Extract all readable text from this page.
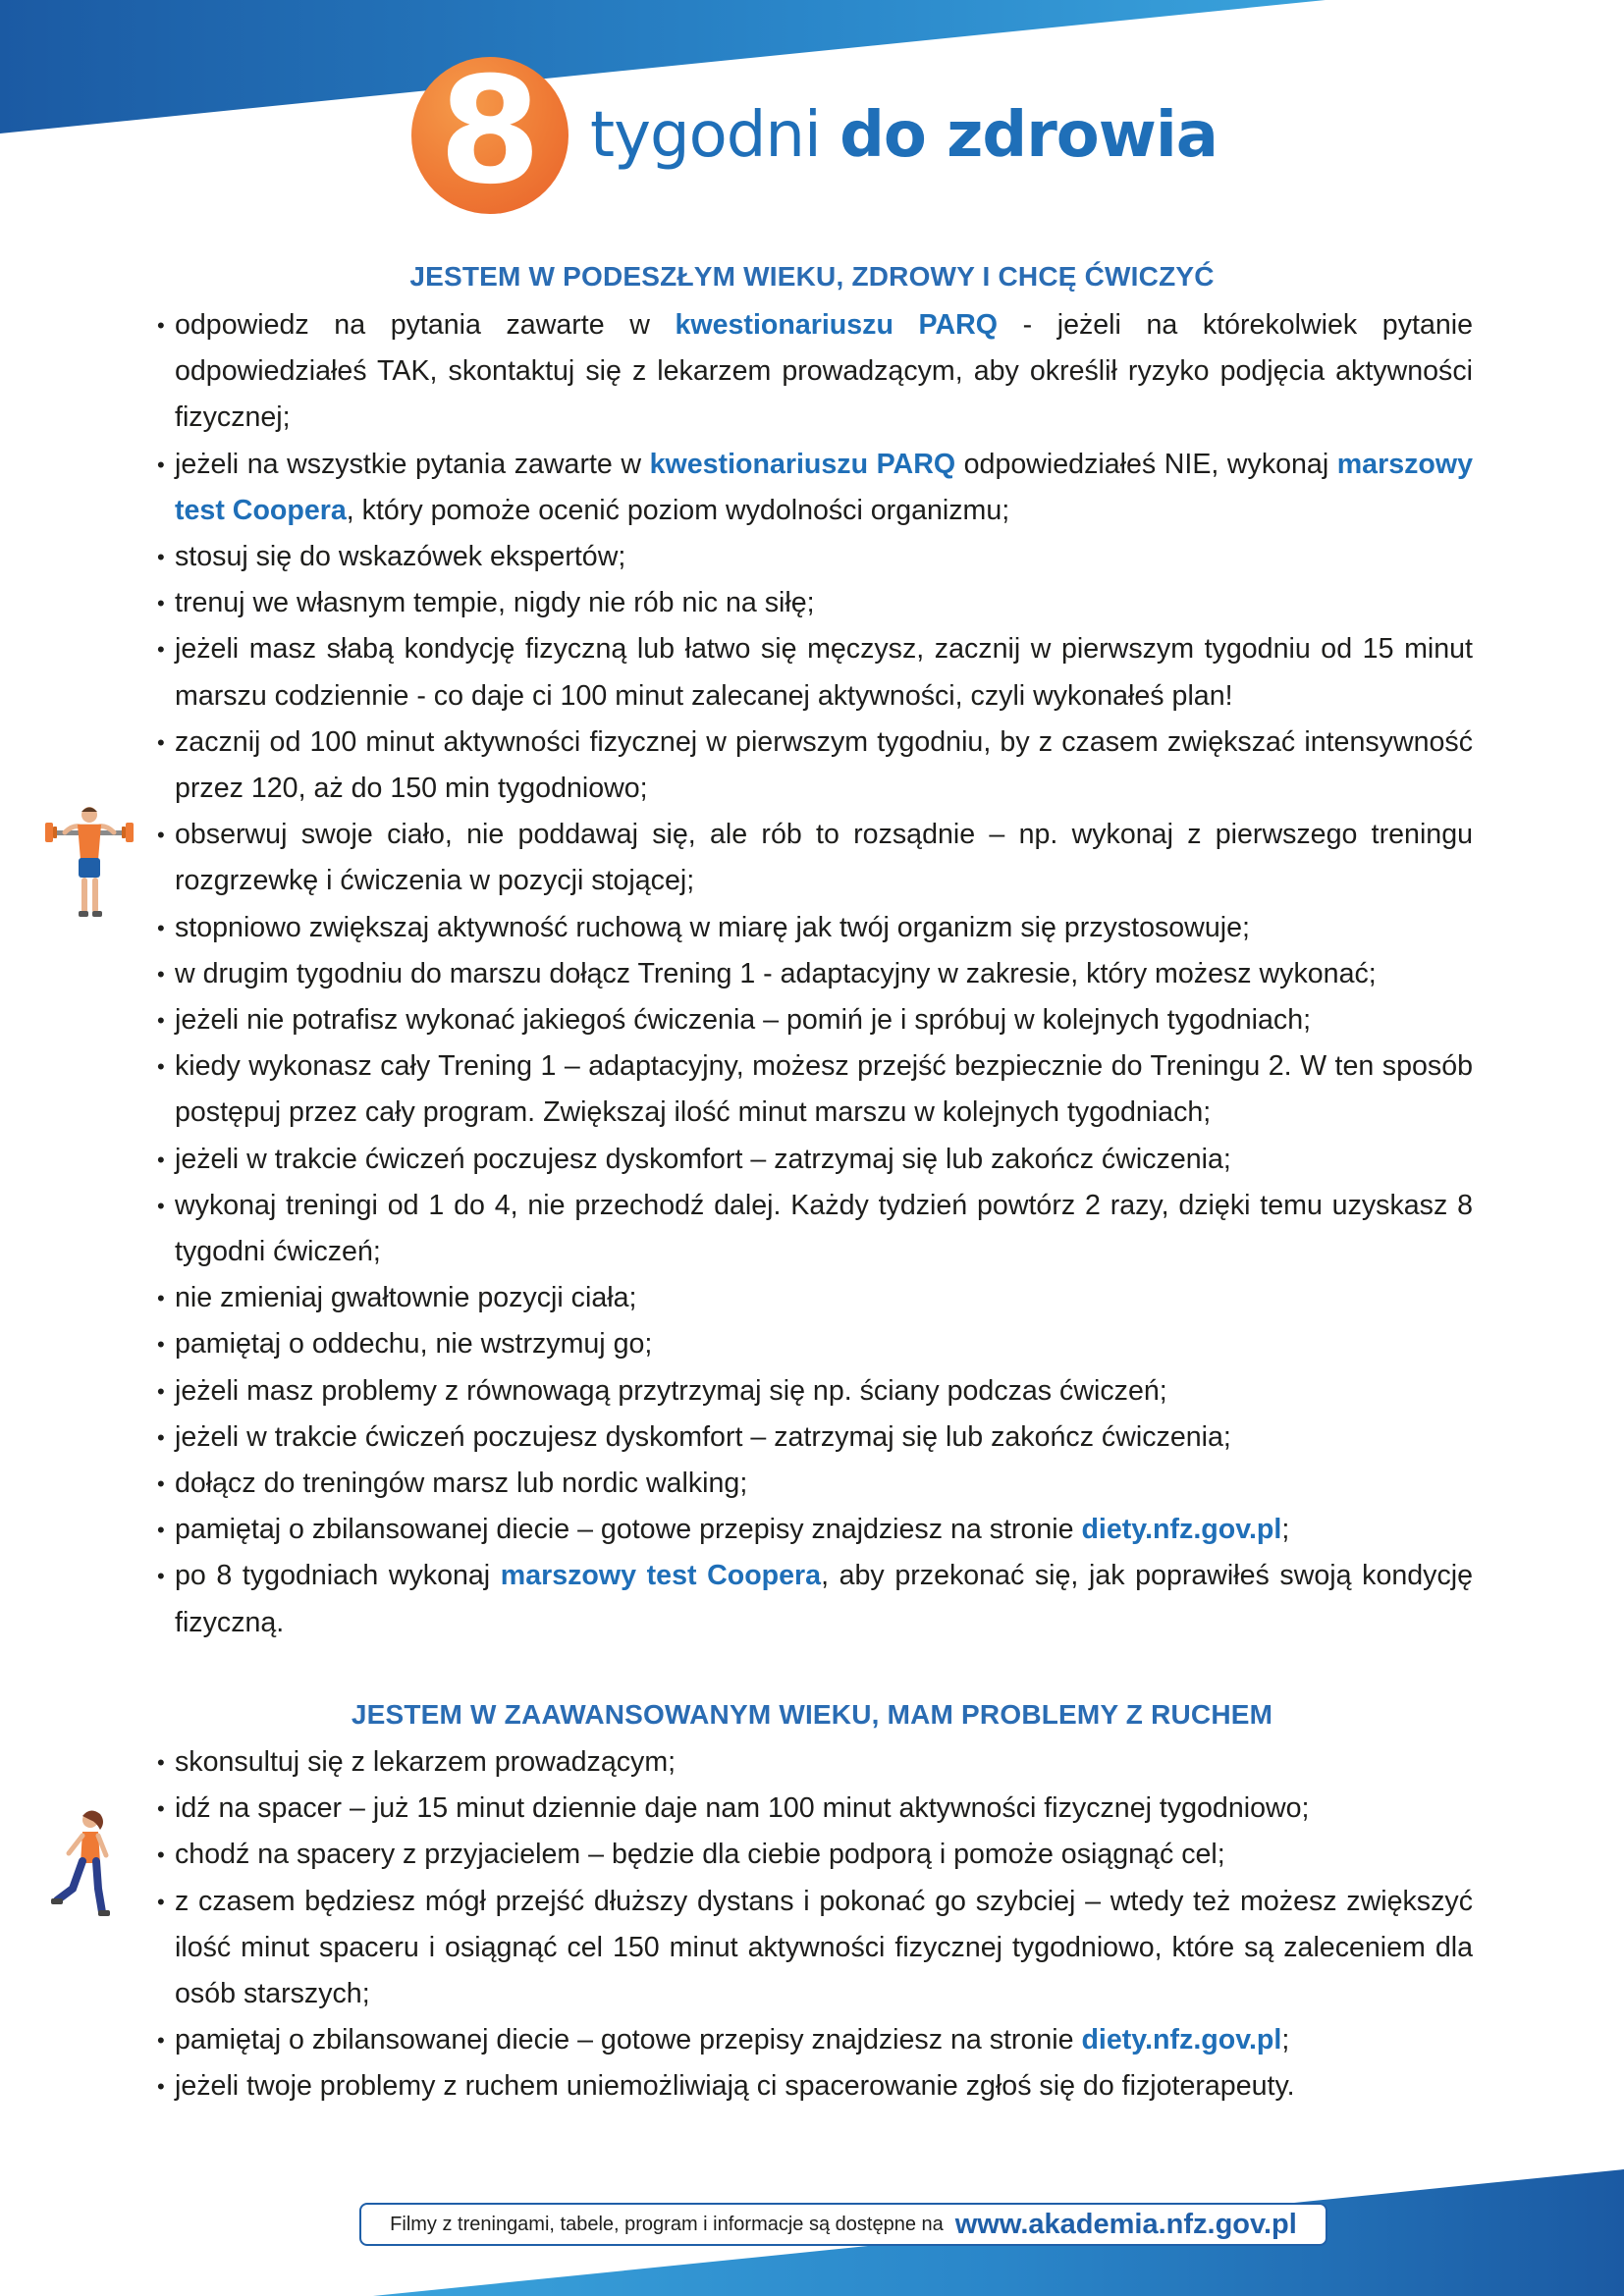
8 tygodni do zdrowia
JESTEM W PODESZŁYM WIEKU, ZDROWY I CHCĘ ĆWICZYĆ
• odpowiedz na pytania zawarte w kwestionariuszu PARQ - jeżeli na którekolwiek pytanie odpowiedziałeś TAK, skontaktuj się z lekarzem prowadzącym, aby określił ryzyko podjęcia aktywności fizycznej;
• jeżeli na wszystkie pytania zawarte w kwestionariuszu PARQ odpowiedziałeś NIE, wykonaj marszowy test Coopera, który pomoże ocenić poziom wydolności organizmu;
• stosuj się do wskazówek ekspertów;
• trenuj we własnym tempie, nigdy nie rób nic na siłę;
• jeżeli masz słabą kondycję fizyczną lub łatwo się męczysz, zacznij w pierwszym tygodniu od 15 minut marszu codziennie - co daje ci 100 minut zalecanej aktywności, czyli wykonałeś plan!
• zacznij od 100 minut aktywności fizycznej w pierwszym tygodniu, by z czasem zwiększać intensywność przez 120, aż do 150 min tygodniowo;
• obserwuj swoje ciało, nie poddawaj się, ale rób to rozsądnie – np. wykonaj z pierwszego treningu rozgrzewkę i ćwiczenia w pozycji stojącej;
• stopniowo zwiększaj aktywność ruchową w miarę jak twój organizm się przystosowuje;
• w drugim tygodniu do marszu dołącz Trening 1 - adaptacyjny w zakresie, który możesz wykonać;
• jeżeli nie potrafisz wykonać jakiegoś ćwiczenia – pomiń je i spróbuj w kolejnych tygodniach;
• kiedy wykonasz cały Trening 1 – adaptacyjny, możesz przejść bezpiecznie do Treningu 2. W ten sposób postępuj przez cały program. Zwiększaj ilość minut marszu w kolejnych tygodniach;
• jeżeli w trakcie ćwiczeń poczujesz dyskomfort – zatrzymaj się lub zakończ ćwiczenia;
• wykonaj treningi od 1 do 4, nie przechodź dalej. Każdy tydzień powtórz 2 razy, dzięki temu uzyskasz 8 tygodni ćwiczeń;
• nie zmieniaj gwałtownie pozycji ciała;
• pamiętaj o oddechu, nie wstrzymuj go;
• jeżeli masz problemy z równowagą przytrzymaj się np. ściany podczas ćwiczeń;
• jeżeli w trakcie ćwiczeń poczujesz dyskomfort – zatrzymaj się lub zakończ ćwiczenia;
• dołącz do treningów marsz lub nordic walking;
• pamiętaj o zbilansowanej diecie – gotowe przepisy znajdziesz na stronie diety.nfz.gov.pl;
• po 8 tygodniach wykonaj marszowy test Coopera, aby przekonać się, jak poprawiłeś swoją kondycję fizyczną.
JESTEM W ZAAWANSOWANYM WIEKU, MAM PROBLEMY Z RUCHEM
• skonsultuj się z lekarzem prowadzącym;
• idź na spacer – już 15 minut dziennie daje nam 100 minut aktywności fizycznej tygodniowo;
• chodź na spacery z przyjacielem – będzie dla ciebie podporą i pomoże osiągnąć cel;
• z czasem będziesz mógł przejść dłuższy dystans i pokonać go szybciej – wtedy też możesz zwiększyć ilość minut spaceru i osiągnąć cel 150 minut aktywności fizycznej tygodniowo, które są zaleceniem dla osób starszych;
• pamiętaj o zbilansowanej diecie – gotowe przepisy znajdziesz na stronie diety.nfz.gov.pl;
• jeżeli twoje problemy z ruchem uniemożliwiają ci spacerowanie zgłoś się do fizjoterapeuty.
Filmy z treningami, tabele, program i informacje są dostępne na www.akademia.nfz.gov.pl
